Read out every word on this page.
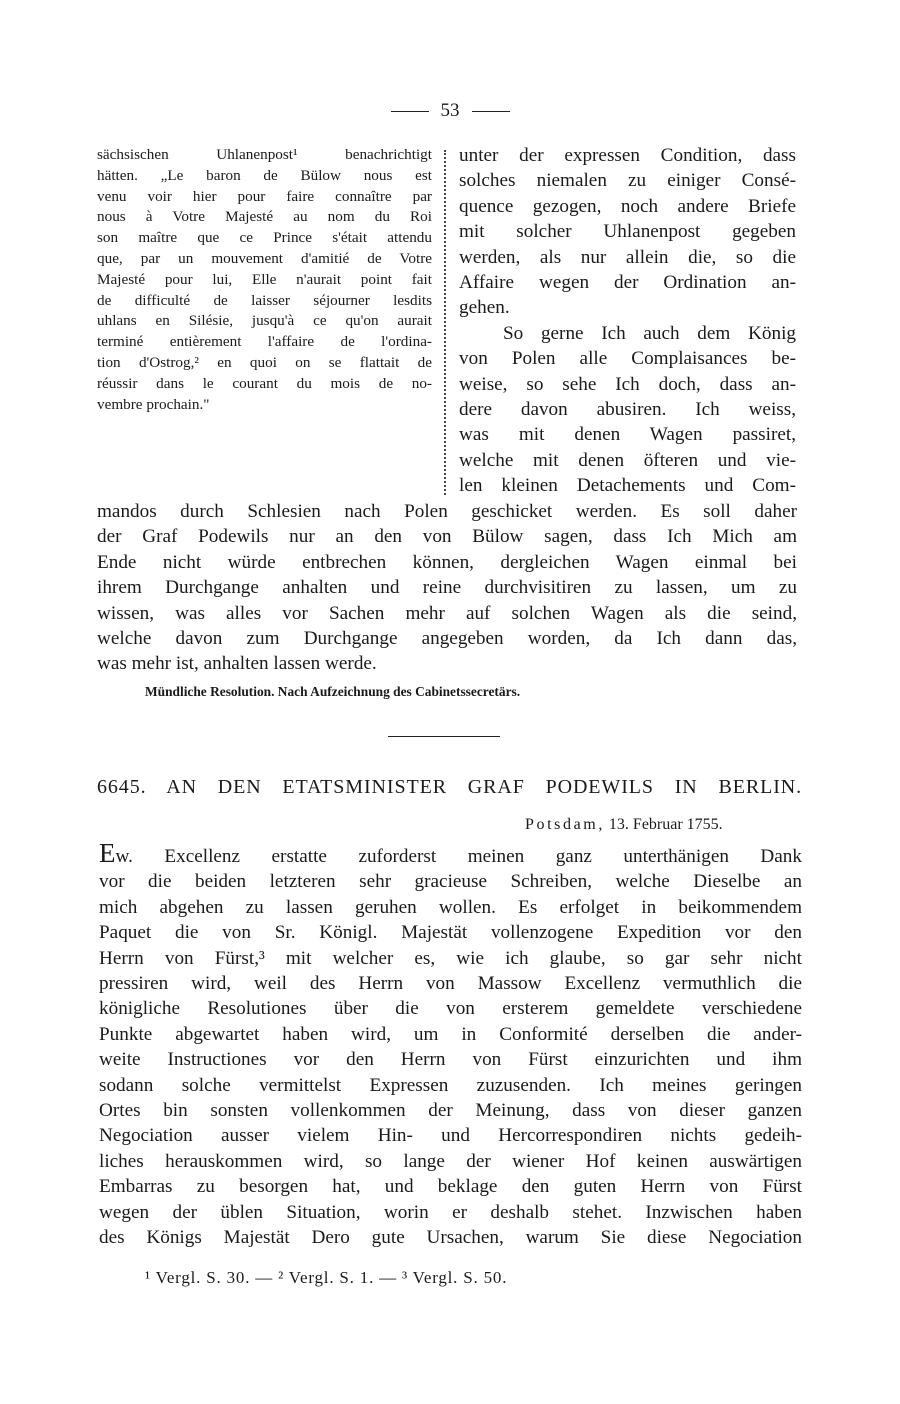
53
sächsischen Uhlanenpost¹ benachrichtigt
hätten. „Le baron de Bülow nous est
venu voir hier pour faire connaître par
nous à Votre Majesté au nom du Roi
son maître que ce Prince s'était attendu
que, par un mouvement d'amitié de Votre
Majesté pour lui, Elle n'aurait point fait
de difficulté de laisser séjourner lesdits
uhlans en Silésie, jusqu'à ce qu'on aurait
terminé entièrement l'affaire de l'ordina-
tion d'Ostrog,² en quoi on se flattait de
réussir dans le courant du mois de no-
vembre prochain."
unter der expressen Condition, dass
solches niemalen zu einiger Consé-
quence gezogen, noch andere Briefe
mit solcher Uhlanenpost gegeben
werden, als nur allein die, so die
Affaire wegen der Ordination an-
gehen.
So gerne Ich auch dem König
von Polen alle Complaisances be-
weise, so sehe Ich doch, dass an-
dere davon abusiren. Ich weiss,
was mit denen Wagen passiret,
welche mit denen öfteren und vie-
len kleinen Detachements und Com-
mandos durch Schlesien nach Polen geschicket werden. Es soll daher
der Graf Podewils nur an den von Bülow sagen, dass Ich Mich am
Ende nicht würde entbrechen können, dergleichen Wagen einmal bei
ihrem Durchgange anhalten und reine durchvisitiren zu lassen, um zu
wissen, was alles vor Sachen mehr auf solchen Wagen als die seind,
welche davon zum Durchgange angegeben worden, da Ich dann das,
was mehr ist, anhalten lassen werde.
Mündliche Resolution. Nach Aufzeichnung des Cabinetssecretärs.
6645. AN DEN ETATSMINISTER GRAF PODEWILS IN BERLIN.
Potsdam, 13. Februar 1755.
Ew. Excellenz erstatte zuforderst meinen ganz unterthänigen Dank
vor die beiden letzteren sehr gracieuse Schreiben, welche Dieselbe an
mich abgehen zu lassen geruhen wollen. Es erfolget in beikommendem
Paquet die von Sr. Königl. Majestät vollenzogene Expedition vor den
Herrn von Fürst,³ mit welcher es, wie ich glaube, so gar sehr nicht
pressiren wird, weil des Herrn von Massow Excellenz vermuthlich die
königliche Resolutiones über die von ersterem gemeldete verschiedene
Punkte abgewartet haben wird, um in Conformité derselben die ander-
weite Instructiones vor den Herrn von Fürst einzurichten und ihm
sodann solche vermittelst Expressen zuzusenden. Ich meines geringen
Ortes bin sonsten vollenkommen der Meinung, dass von dieser ganzen
Negociation ausser vielem Hin- und Hercorrespondiren nichts gedeih-
liches herauskommen wird, so lange der wiener Hof keinen auswärtigen
Embarras zu besorgen hat, und beklage den guten Herrn von Fürst
wegen der üblen Situation, worin er deshalb stehet. Inzwischen haben
des Königs Majestät Dero gute Ursachen, warum Sie diese Negociation
¹ Vergl. S. 30. — ² Vergl. S. 1. — ³ Vergl. S. 50.
